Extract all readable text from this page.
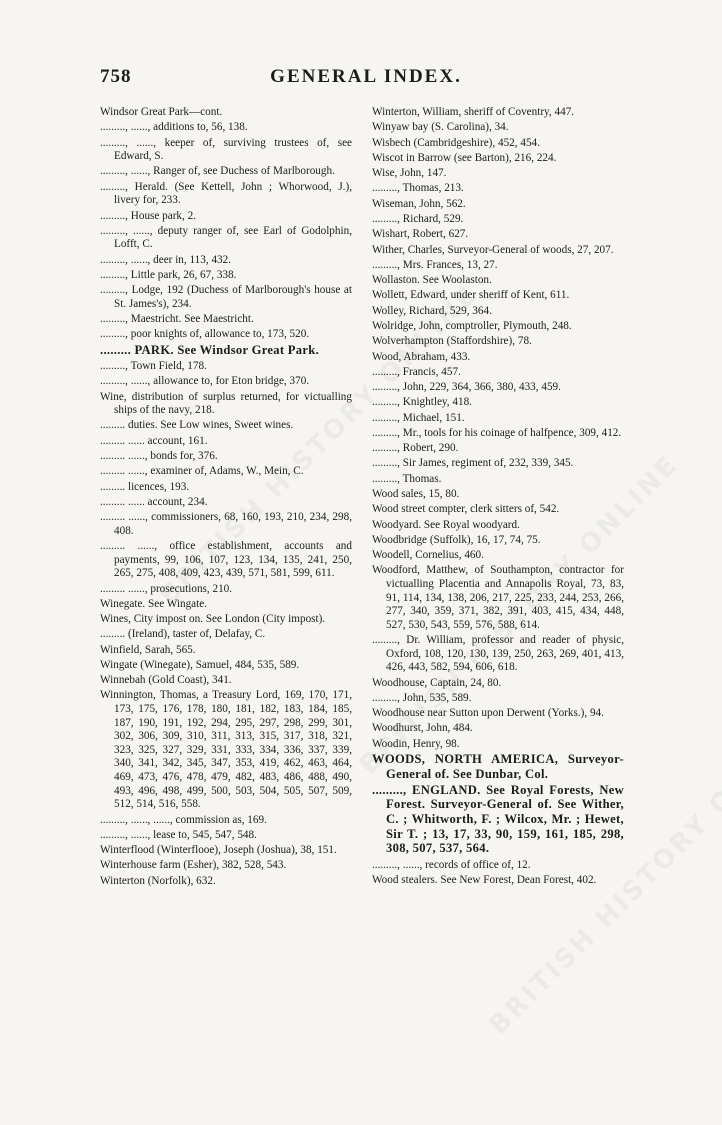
758	GENERAL INDEX.

Windsor Great Park—cont.

........., ......, additions to, 56, 138.

........., ......, keeper of, surviving trustees of, see Edward, S.

........., ......, Ranger of, see Duchess of Marlborough.

........., Herald. (See Kettell, John ; Whorwood, J.), livery for, 233.

........., House park, 2.

........., ......, deputy ranger of, see Earl of Godolphin, Lofft, C.

........., ......, deer in, 113, 432.

........., Little park, 26, 67, 338.

........., Lodge, 192 (Duchess of Marlborough's house at St. James's), 234.

........., Maestricht. See Maestricht.

........., poor knights of, allowance to, 173, 520.

......... PARK. See Windsor Great Park.

........., Town Field, 178.

........., ......, allowance to, for Eton bridge, 370.

Wine, distribution of surplus returned, for victualling ships of the navy, 218.

......... duties. See Low wines, Sweet wines.

......... ...... account, 161.

......... ......, bonds for, 376.

......... ......, examiner of, Adams, W., Mein, C.

......... licences, 193.

......... ...... account, 234.

......... ......, commissioners, 68, 160, 193, 210, 234, 298, 408.

......... ......, office establishment, accounts and payments, 99, 106, 107, 123, 134, 135, 241, 250, 265, 275, 408, 409, 423, 439, 571, 581, 599, 611.

......... ......, prosecutions, 210.

Winegate. See Wingate.

Wines, City impost on. See London (City impost).

......... (Ireland), taster of, Delafay, C.

Winfield, Sarah, 565.

Wingate (Winegate), Samuel, 484, 535, 589.

Winnebah (Gold Coast), 341.

Winnington, Thomas, a Treasury Lord, 169, 170, 171, 173, 175, 176, 178, 180, 181, 182, 183, 184, 185, 187, 190, 191, 192, 294, 295, 297, 298, 299, 301, 302, 306, 309, 310, 311, 313, 315, 317, 318, 321, 323, 325, 327, 329, 331, 333, 334, 336, 337, 339, 340, 341, 342, 345, 347, 353, 419, 462, 463, 464, 469, 473, 476, 478, 479, 482, 483, 486, 488, 490, 493, 496, 498, 499, 500, 503, 504, 505, 507, 509, 512, 514, 516, 558.

........., ......, ......, commission as, 169.

........., ......, lease to, 545, 547, 548.

Winterflood (Winterflooe), Joseph (Joshua), 38, 151.

Winterhouse farm (Esher), 382, 528, 543.

Winterton (Norfolk), 632.

Winterton, William, sheriff of Coventry, 447.

Winyaw bay (S. Carolina), 34.

Wisbech (Cambridgeshire), 452, 454.

Wiscot in Barrow (see Barton), 216, 224.

Wise, John, 147.

........., Thomas, 213.

Wiseman, John, 562.

........., Richard, 529.

Wishart, Robert, 627.

Wither, Charles, Surveyor-General of woods, 27, 207.

........., Mrs. Frances, 13, 27.

Wollaston. See Woolaston.

Wollett, Edward, under sheriff of Kent, 611.

Wolley, Richard, 529, 364.

Wolridge, John, comptroller, Plymouth, 248.

Wolverhampton (Staffordshire), 78.

Wood, Abraham, 433.

........., Francis, 457.

........., John, 229, 364, 366, 380, 433, 459.

........., Knightley, 418.

........., Michael, 151.

........., Mr., tools for his coinage of halfpence, 309, 412.

........., Robert, 290.

........., Sir James, regiment of, 232, 339, 345.

........., Thomas.

Wood sales, 15, 80.

Wood street compter, clerk sitters of, 542.

Woodyard. See Royal woodyard.

Woodbridge (Suffolk), 16, 17, 74, 75.

Woodell, Cornelius, 460.

Woodford, Matthew, of Southampton, contractor for victualling Placentia and Annapolis Royal, 73, 83, 91, 114, 134, 138, 206, 217, 225, 233, 244, 253, 266, 277, 340, 359, 371, 382, 391, 403, 415, 434, 448, 527, 530, 543, 559, 576, 588, 614.

........., Dr. William, professor and reader of physic, Oxford, 108, 120, 130, 139, 250, 263, 269, 401, 413, 426, 443, 582, 594, 606, 618.

Woodhouse, Captain, 24, 80.

........., John, 535, 589.

Woodhouse near Sutton upon Derwent (Yorks.), 94.

Woodhurst, John, 484.

Woodin, Henry, 98.

WOODS, NORTH AMERICA, Surveyor-General of. See Dunbar, Col.

........., ENGLAND. See Royal Forests, New Forest. Surveyor-General of. See Wither, C. ; Whitworth, F. ; Wilcox, Mr. ; Hewet, Sir T. ; 13, 17, 33, 90, 159, 161, 185, 298, 308, 507, 537, 564.

........., ......, records of office of, 12.

Wood stealers. See New Forest, Dean Forest, 402.
